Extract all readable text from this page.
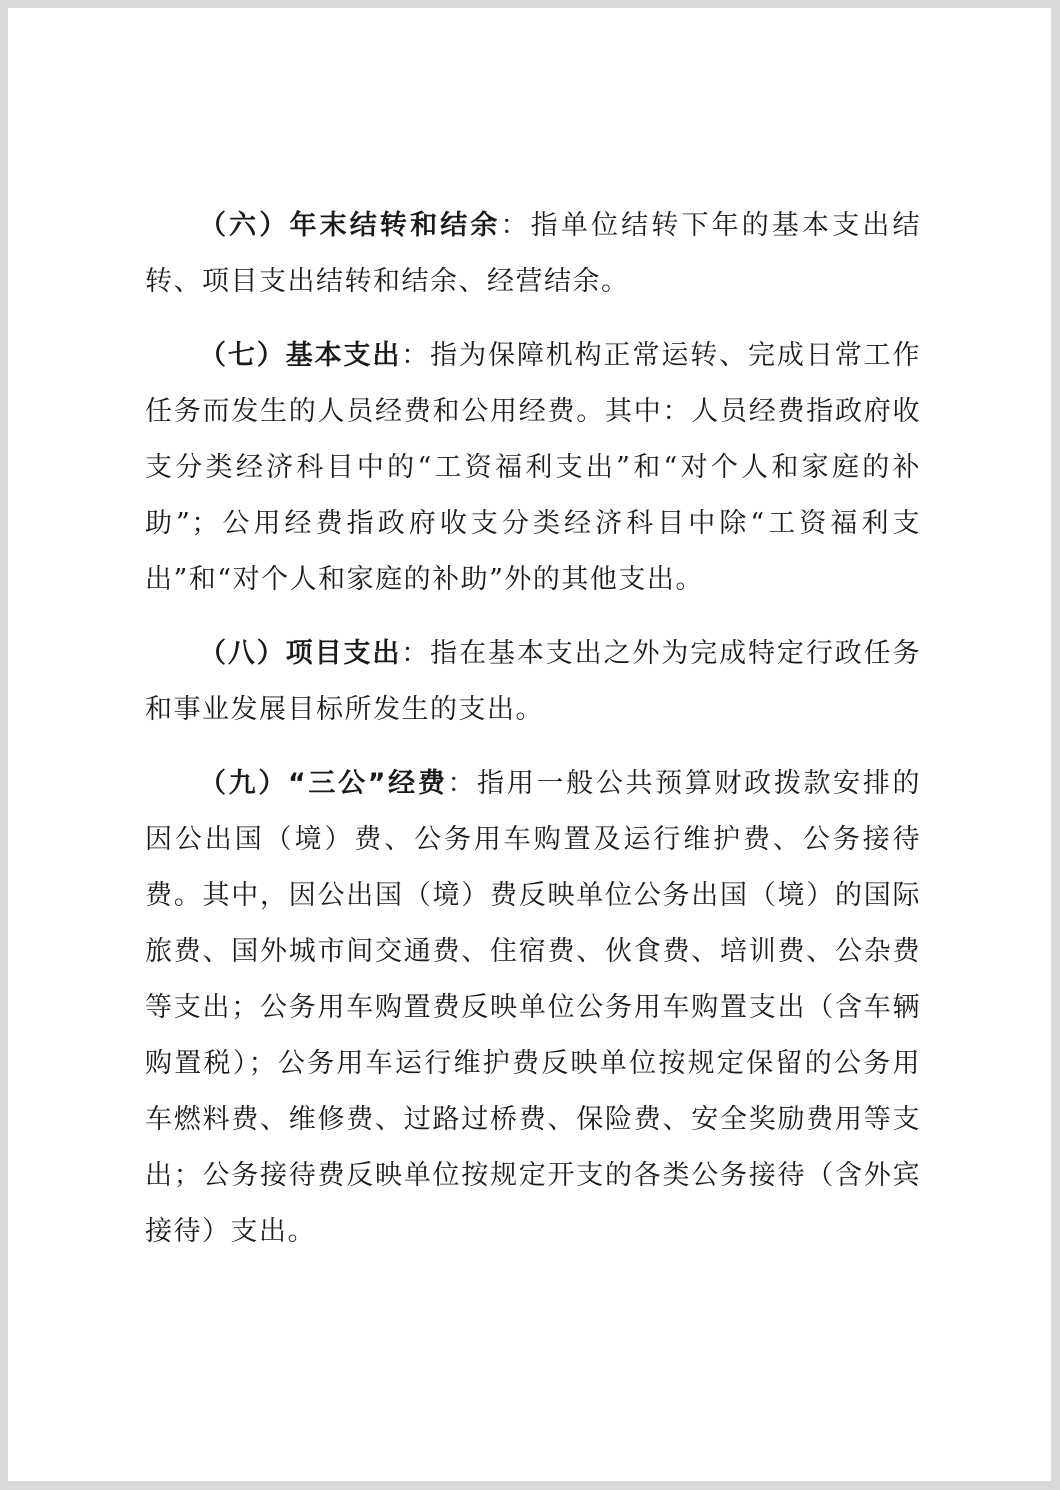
（六）年末结转和结余：指单位结转下年的基本支出结转、项目支出结转和结余、经营结余。

（七）基本支出：指为保障机构正常运转、完成日常工作任务而发生的人员经费和公用经费。其中：人员经费指政府收支分类经济科目中的“工资福利支出”和“对个人和家庭的补助”；公用经费指政府收支分类经济科目中除“工资福利支出”和“对个人和家庭的补助”外的其他支出。

（八）项目支出：指在基本支出之外为完成特定行政任务和事业发展目标所发生的支出。

（九）“三公”经费：指用一般公共预算财政拨款安排的因公出国（境）费、公务用车购置及运行维护费、公务接待费。其中，因公出国（境）费反映单位公务出国（境）的国际旅费、国外城市间交通费、住宿费、伙食费、培训费、公杂费等支出；公务用车购置费反映单位公务用车购置支出（含车辆购置税）；公务用车运行维护费反映单位按规定保留的公务用车燃料费、维修费、过路过桥费、保险费、安全奖励费用等支出；公务接待费反映单位按规定开支的各类公务接待（含外宾接待）支出。
